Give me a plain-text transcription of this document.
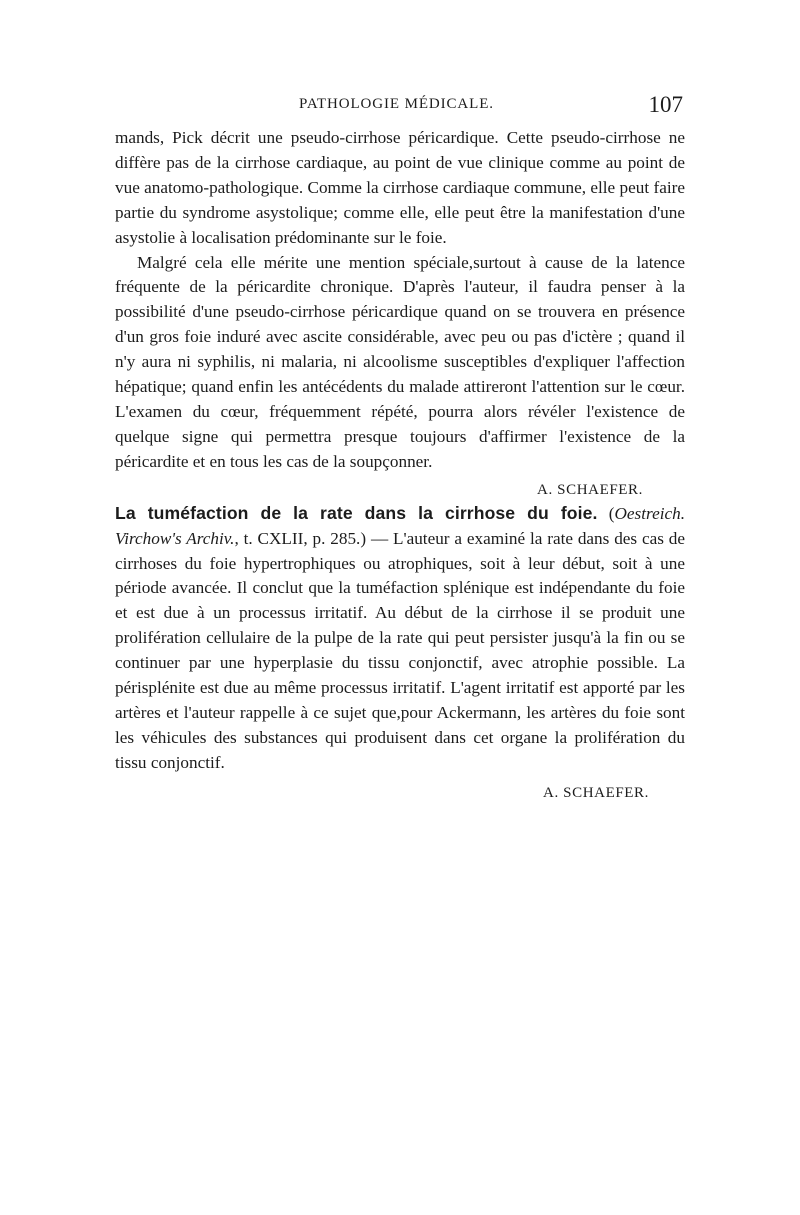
PATHOLOGIE MÉDICALE.	107

mands, Pick décrit une pseudo-cirrhose péricardique. Cette pseudo-cirrhose ne diffère pas de la cirrhose cardiaque, au point de vue clinique comme au point de vue anatomo-pathologique. Comme la cirrhose cardiaque commune, elle peut faire partie du syndrome asystolique; comme elle, elle peut être la manifestation d'une asystolie à localisation prédominante sur le foie.

Malgré cela elle mérite une mention spéciale,surtout à cause de la latence fréquente de la péricardite chronique. D'après l'auteur, il faudra penser à la possibilité d'une pseudo-cirrhose péricardique quand on se trouvera en présence d'un gros foie induré avec ascite considérable, avec peu ou pas d'ictère ; quand il n'y aura ni syphilis, ni malaria, ni alcoolisme susceptibles d'expliquer l'affection hépatique; quand enfin les antécédents du malade attireront l'attention sur le cœur. L'examen du cœur, fréquemment répété, pourra alors révéler l'existence de quelque signe qui permettra presque toujours d'affirmer l'existence de la péricardite et en tous les cas de la soupçonner.

A. SCHAEFER.

La tuméfaction de la rate dans la cirrhose du foie. (Oestreich. Virchow's Archiv., t. CXLII, p. 285.) — L'auteur a examiné la rate dans des cas de cirrhoses du foie hypertrophiques ou atrophiques, soit à leur début, soit à une période avancée. Il conclut que la tuméfaction splénique est indépendante du foie et est due à un processus irritatif. Au début de la cirrhose il se produit une prolifération cellulaire de la pulpe de la rate qui peut persister jusqu'à la fin ou se continuer par une hyperplasie du tissu conjonctif, avec atrophie possible. La périsplénite est due au même processus irritatif. L'agent irritatif est apporté par les artères et l'auteur rappelle à ce sujet que,pour Ackermann, les artères du foie sont les véhicules des substances qui produisent dans cet organe la prolifération du tissu conjonctif.

A. SCHAEFER.
